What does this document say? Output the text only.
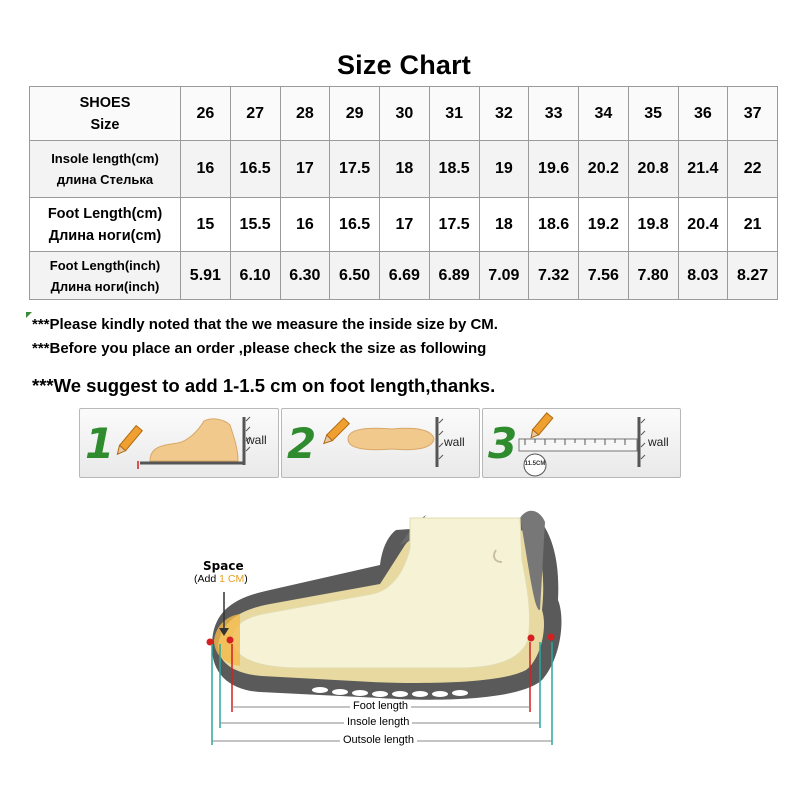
Size Chart
SHOES
Size	26	27	28	29	30	31	32	33	34	35	36	37

Insole length(cm)
длина Стелька	16	16.5	17	17.5	18	18.5	19	19.6	20.2	20.8	21.4	22

Foot Length(cm)
Длина ноги(cm)	15	15.5	16	16.5	17	17.5	18	18.6	19.2	19.8	20.4	21

Foot Length(inch)
Длина ноги(inch)	5.91	6.10	6.30	6.50	6.69	6.89	7.09	7.32	7.56	7.80	8.03	8.27
***Please kindly noted that the we measure the inside size by CM.
***Before you place an order ,please check the size as following
***We suggest to add 1-1.5 cm on foot length,thanks.
1	wall 2	wall 3 11.5CM
wall
Space
(Add 1 CM)
Foot length
Insole length
Outsole length
